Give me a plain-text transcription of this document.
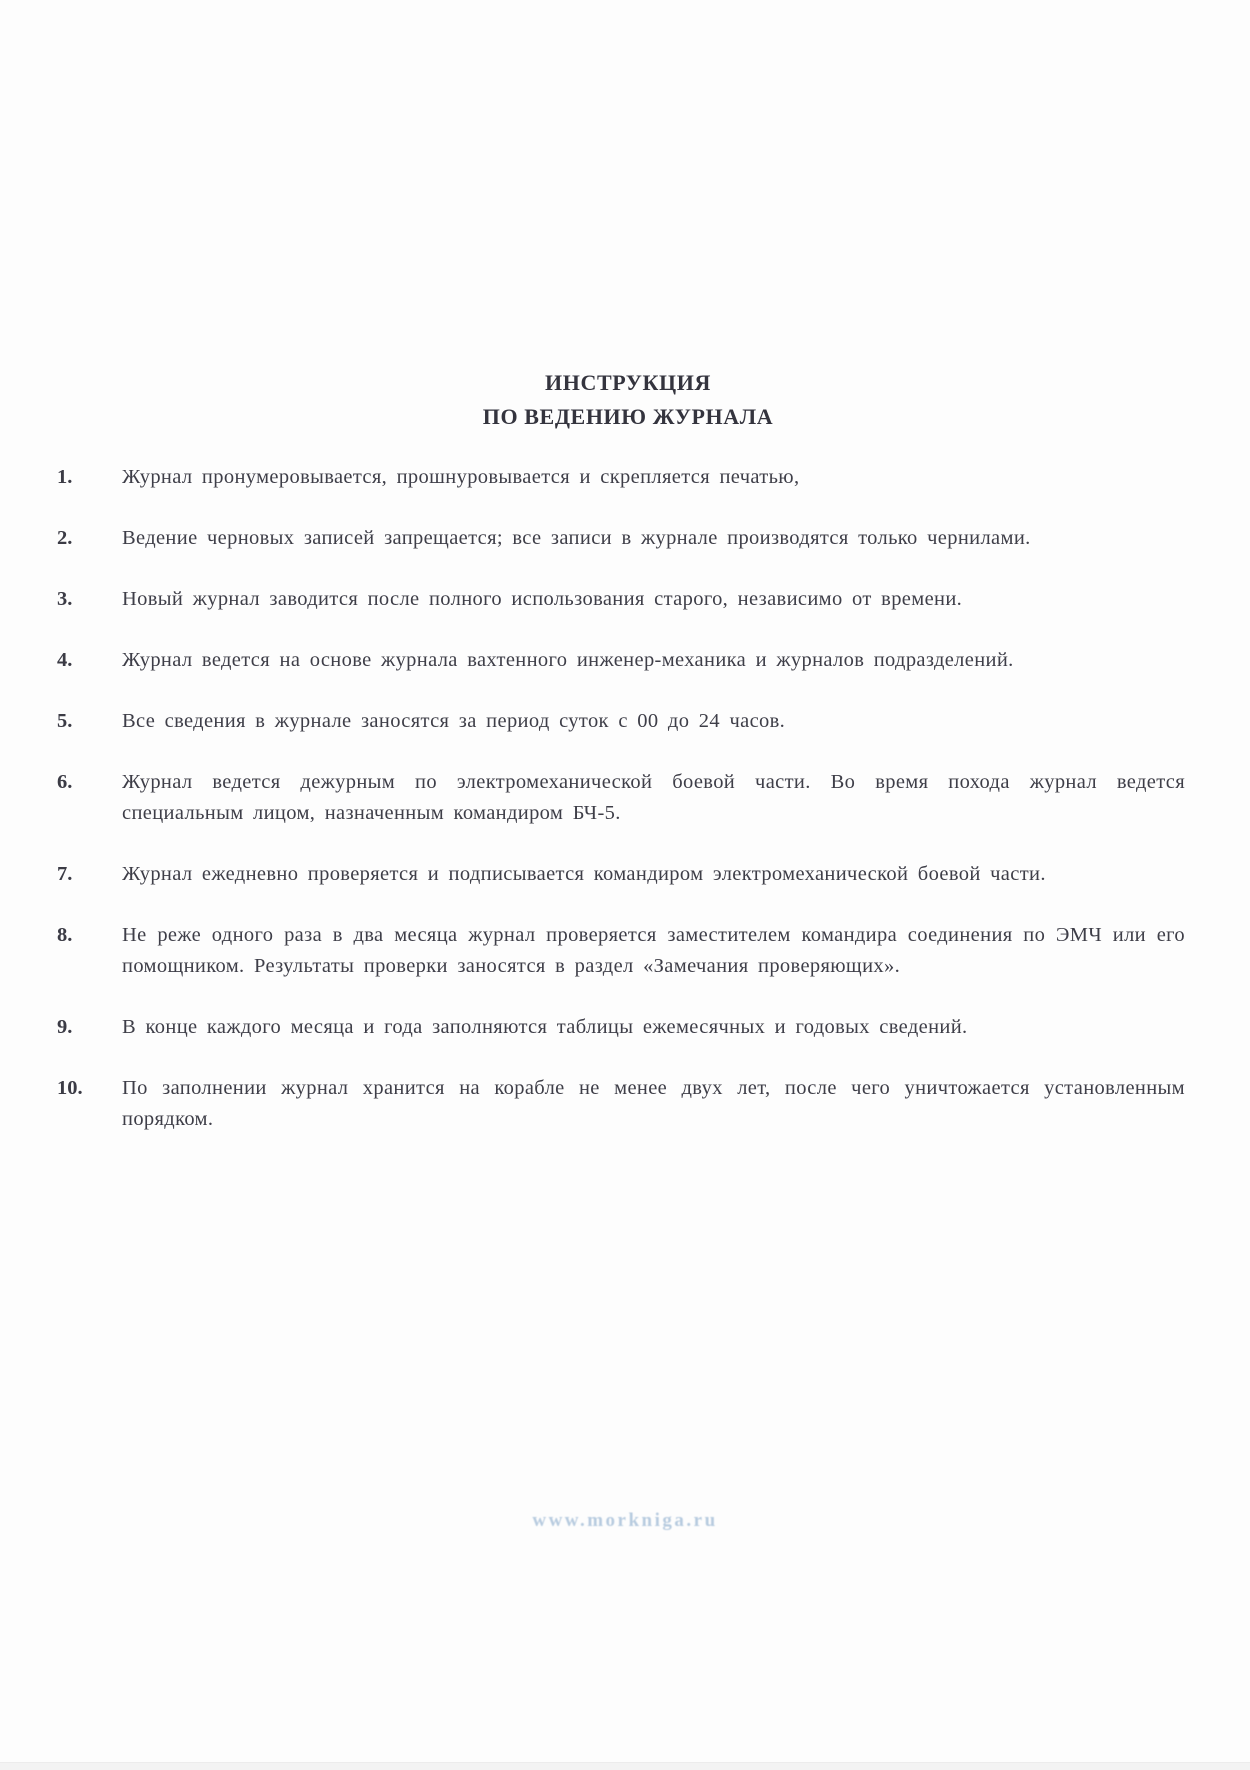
ИНСТРУКЦИЯ
ПО ВЕДЕНИЮ ЖУРНАЛА
1.	Журнал пронумеровывается, прошнуровывается и скрепляется печатью,
2.	Ведение черновых записей запрещается; все записи в журнале производятся только чернилами.
3.	Новый журнал заводится после полного использования старого, независимо от времени.
4.	Журнал ведется на основе журнала вахтенного инженер-механика и журналов подразделений.
5.	Все сведения в журнале заносятся за период суток с 00 до 24 часов.
6.	Журнал ведется дежурным по электромеханической боевой части. Во время похода журнал ведется специальным лицом, назначенным командиром БЧ-5.
7.	Журнал ежедневно проверяется и подписывается командиром электромеханической боевой части.
8.	Не реже одного раза в два месяца журнал проверяется заместителем командира соединения по ЭМЧ или его помощником. Результаты проверки заносятся в раздел «Замечания проверяющих».
9.	В конце каждого месяца и года заполняются таблицы ежемесячных и годовых сведений.
10.	По заполнении журнал хранится на корабле не менее двух лет, после чего уничтожается установленным порядком.
www.morkniga.ru
